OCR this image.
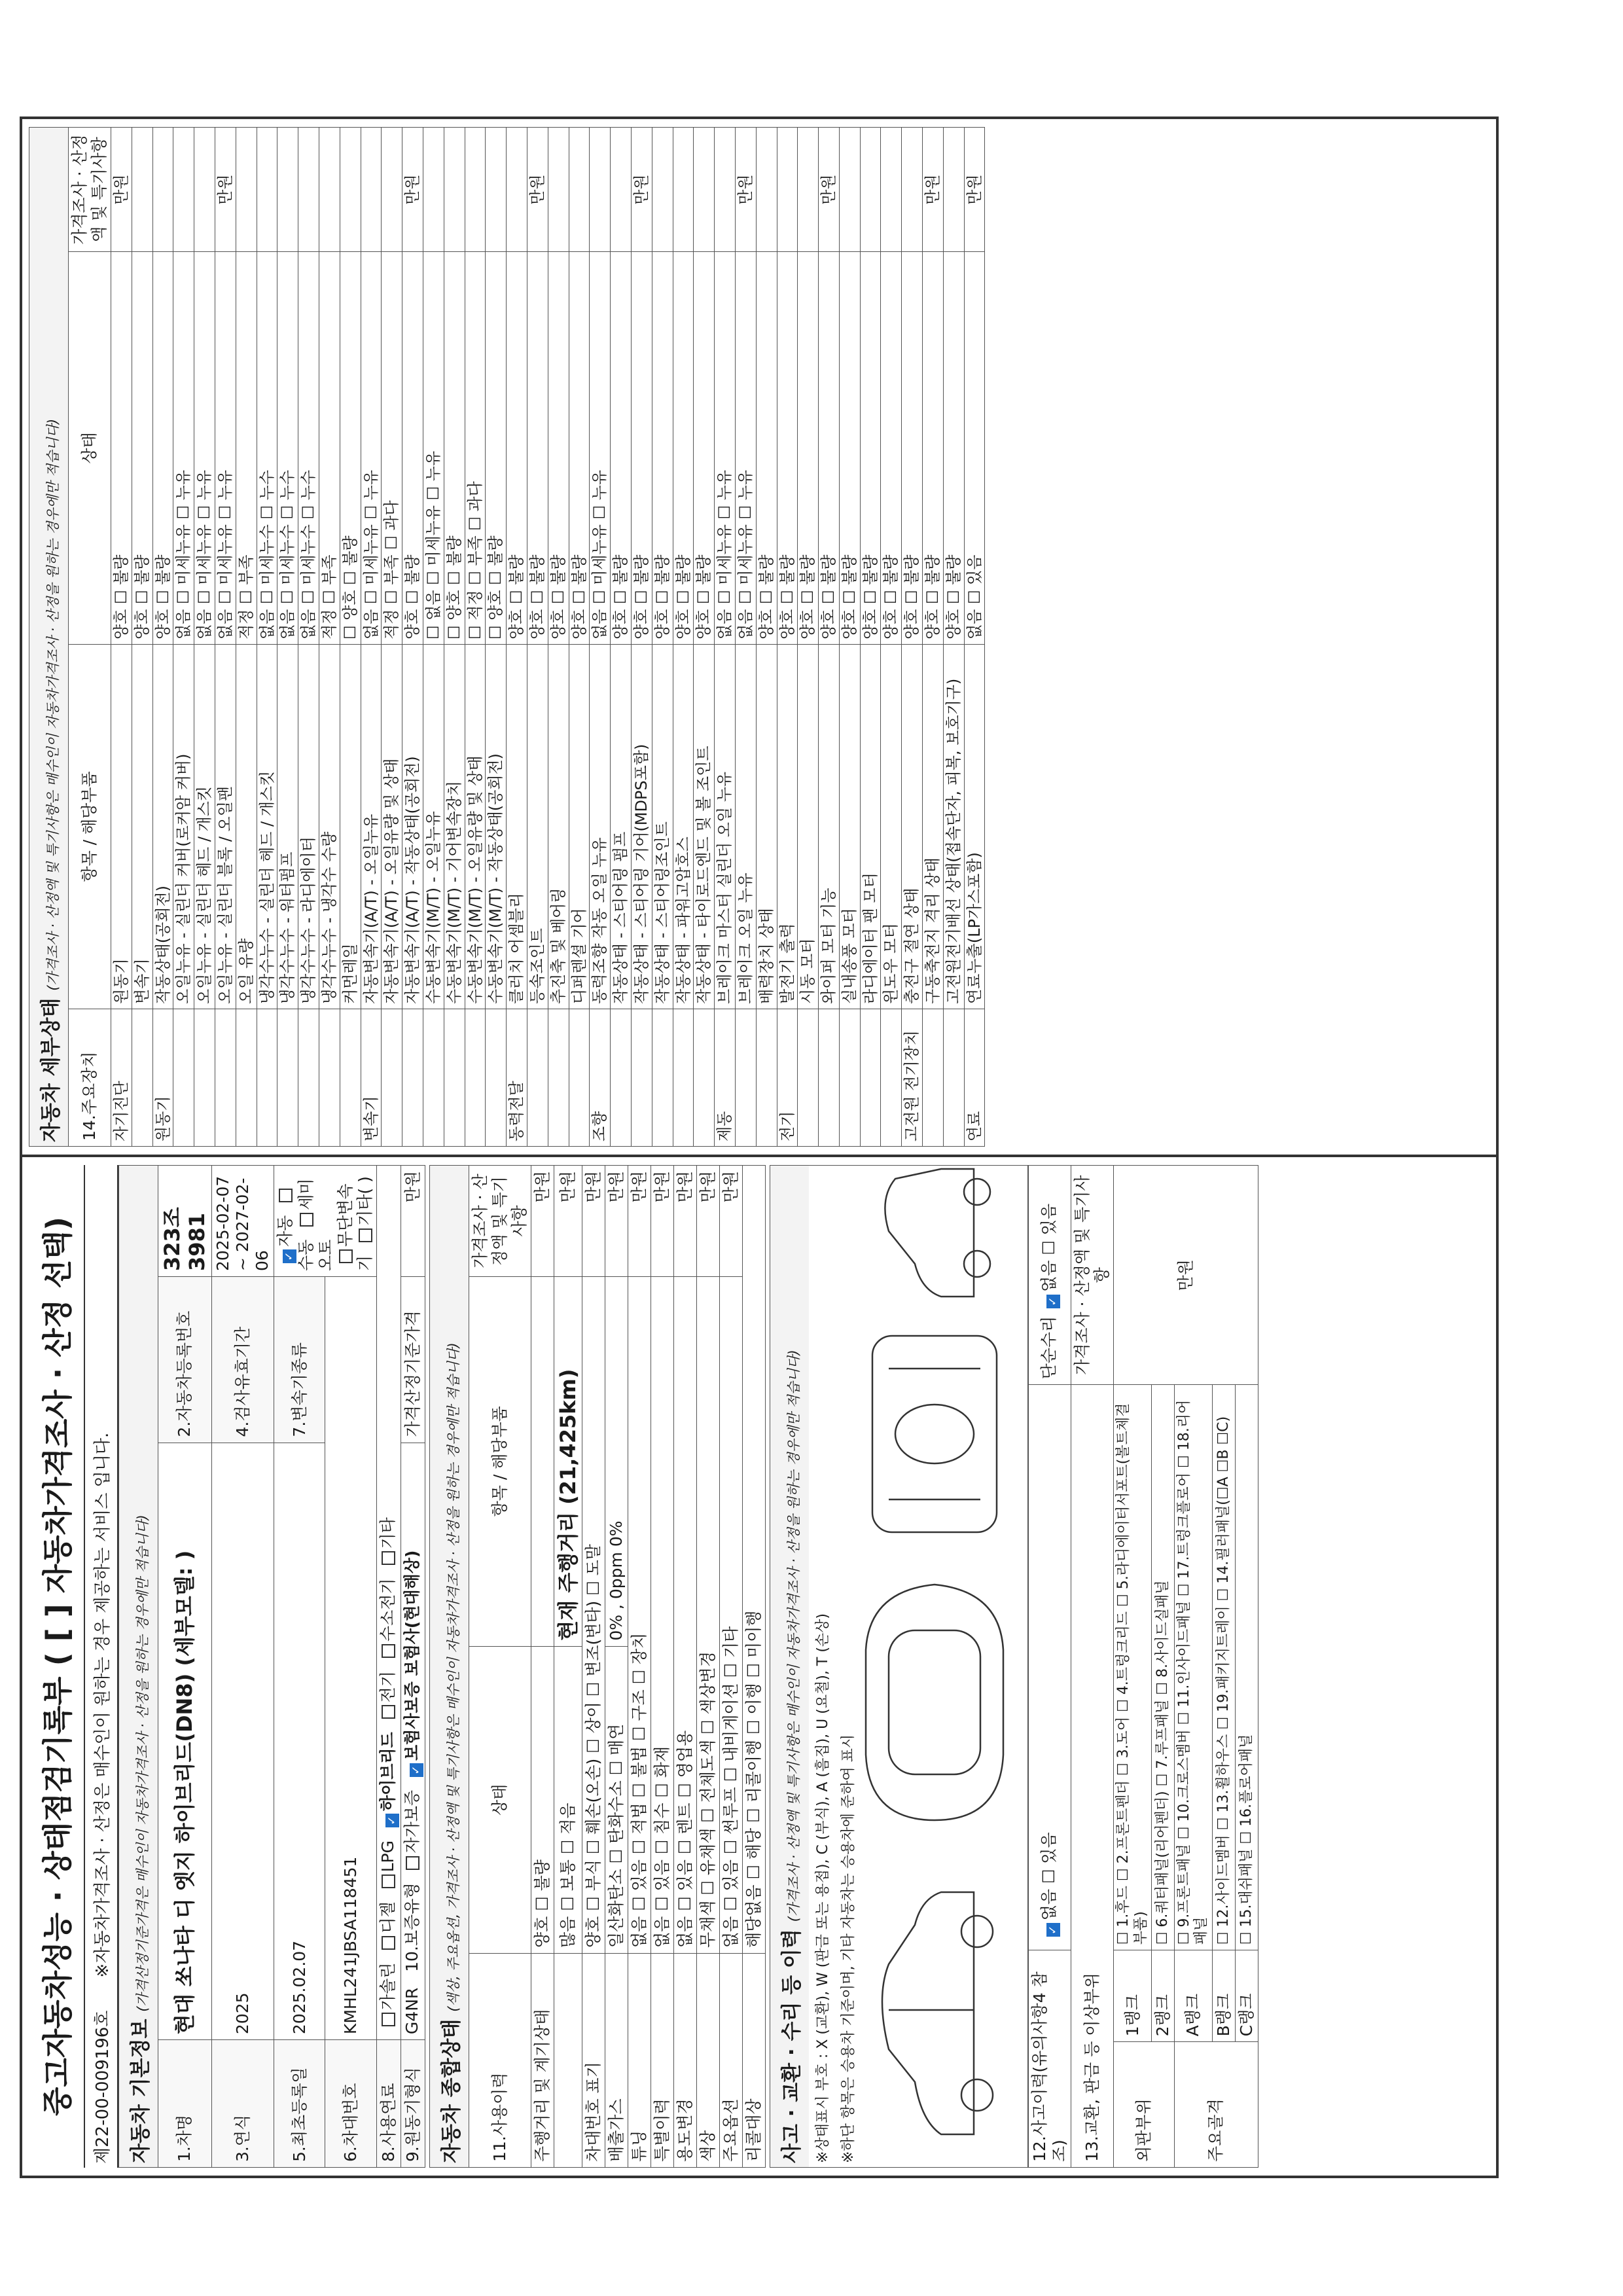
중고자동차성능 · 상태점검기록부 ( [ ] 자동차가격조사 · 산정 선택)	제22-00-009196호
※자동차가격조사 · 산정은 매수인이 원하는 경우 제공하는 서비스 입니다.
자동차 기본정보 (가격산정기준가격은 매수인이 자동차가격조사 · 산정을 원하는 경우에만 적습니다)
1.차명	현대 쏘나타 디 엣지 하이브리드(DN8) (세부모델: )	2.자동차등록번호	323조3981
3.연식	2025	4.검사유효기간	2025-02-07 ~ 2027-02-06
5.최초등록일	2025.02.07	7.변속기종류	✓자동 수동 세미오토
무단변속기 기타( )
6.차대번호	KMHL241JBSA118451		
8.사용연료	가솔린 디젤 LPG ✓하이브리드 전기 수소전기 기타		
9.원동기형식	G4NR   10.보증유형 자가보증 ✓보험사보증 보험사(현대해상)	가격산정기준가격	만원
자동차 종합상태 (색상, 주요옵션, 가격조사 · 산정액 및 특기사항은 매수인이 자동차가격조사 · 산정을 원하는 경우에만 적습니다)
11.사용이력	상태	항목 / 해당부품	가격조사 · 산정액 및 특기사항
주행거리 및 계기상태	양호 ☐ 불량		만원
	많음 ☐ 보통 ☐ 적음	현재 주행거리 (21,425km)	만원
차대번호 표기	양호 ☐ 부식 ☐ 훼손(오손) ☐ 상이 ☐ 변조(변타) ☐ 도말		만원
배출가스	일산화탄소 ☐ 탄화수소 ☐ 매연	0% , 0ppm 0%	만원
튜닝	없음 ☐ 있음 ☐ 적법 ☐ 불법 ☐ 구조 ☐ 장치		만원
특별이력	없음 ☐ 있음 ☐ 침수 ☐ 화재		만원
용도변경	없음 ☐ 있음 ☐ 렌트 ☐ 영업용		만원
색상	무채색 ☐ 유채색 ☐ 전체도색 ☐ 색상변경		만원
주요옵션	없음 ☐ 있음 ☐ 썬루프 ☐ 내비게이션 ☐ 기타		만원
리콜대상	해당없음 ☐ 해당 ☐ 리콜이행 ☐ 이행 ☐ 미이행		
사고 · 교환 · 수리 등 이력 (가격조사 · 산정액 및 특기사항은 매수인이 자동차가격조사 · 산정을 원하는 경우에만 적습니다) ※상태표시 부호 : X (교환), W (판금 또는 용접), C (부식), A (흠집), U (요철), T (손상) ※하단 항목은 승용차 기준이며, 기타 자동차는 승용차에 준하여 표시	12.사고이력(유의사항4 참조)		✓없음 ☐ 있음	단순수리✓없음 ☐ 있음
13.교환, 판금 등 이상부위			가격조사 · 산정액 및 특기사항
외판부위	1랭크	☐ 1.후드 ☐ 2.프론트펜더 ☐ 3.도어 ☐ 4.트렁크리드 ☐ 5.라디에이터서포트(볼트체결부품)	만원
	2랭크	☐ 6.쿼터패널(리어펜더) ☐ 7.루프패널 ☐ 8.사이드실패널	
주요골격	A랭크	☐ 9.프론트패널 ☐ 10.크로스멤버 ☐ 11.인사이드패널 ☐ 17.트렁크플로어 ☐ 18.리어패널	
	B랭크	☐ 12.사이드멤버 ☐ 13.휠하우스 ☐ 19.패키지트레이 ☐ 14.필러패널(☐A ☐B ☐C)	
	C랭크	☐ 15.대쉬패널 ☐ 16.플로어패널	
자동차 세부상태 (가격조사 · 산정액 및 특기사항은 매수인이 자동차가격조사 · 산정을 원하는 경우에만 적습니다)
14.주요장치	항목 / 해당부품	상태	가격조사 · 산정액 및 특기사항
자기진단	원동기	양호 ☐ 불량	만원
	변속기	양호 ☐ 불량	
원동기	작동상태(공회전)	양호 ☐ 불량	
	오일누유 - 실린더 커버(로커암 커버)	없음 ☐ 미세누유 ☐ 누유	
	오일누유 - 실린더 헤드 / 개스킷	없음 ☐ 미세누유 ☐ 누유	
	오일누유 - 실린더 블록 / 오일팬	없음 ☐ 미세누유 ☐ 누유	만원
	오일 유량	적정 ☐ 부족	
	냉각수누수 - 실린더 헤드 / 개스킷	없음 ☐ 미세누수 ☐ 누수	
	냉각수누수 - 워터펌프	없음 ☐ 미세누수 ☐ 누수	
	냉각수누수 - 라디에이터	없음 ☐ 미세누수 ☐ 누수	
	냉각수누수 - 냉각수 수량	적정 ☐ 부족	
	커먼레일	☐ 양호 ☐ 불량	
변속기	자동변속기(A/T) - 오일누유	없음 ☐ 미세누유 ☐ 누유	
	자동변속기(A/T) - 오일유량 및 상태	적정 ☐ 부족 ☐ 과다	
	자동변속기(A/T) - 작동상태(공회전)	양호 ☐ 불량	만원
	수동변속기(M/T) - 오일누유	☐ 없음 ☐ 미세누유 ☐ 누유	
	수동변속기(M/T) - 기어변속장치	☐ 양호 ☐ 불량	
	수동변속기(M/T) - 오일유량 및 상태	☐ 적정 ☐ 부족 ☐ 과다	
	수동변속기(M/T) - 작동상태(공회전)	☐ 양호 ☐ 불량	
동력전달	클러치 어셈블리	양호 ☐ 불량	
	등속조인트	양호 ☐ 불량	만원
	추진축 및 베어링	양호 ☐ 불량	
	디퍼렌셜 기어	양호 ☐ 불량	
조향	동력조향 작동 오일 누유	없음 ☐ 미세누유 ☐ 누유	
	작동상태 - 스티어링 펌프	양호 ☐ 불량	
	작동상태 - 스티어링 기어(MDPS포함)	양호 ☐ 불량	만원
	작동상태 - 스티어링조인트	양호 ☐ 불량	
	작동상태 - 파워고압호스	양호 ☐ 불량	
	작동상태 - 타이로드엔드 및 볼 조인트	양호 ☐ 불량	
제동	브레이크 마스터 실린더 오일 누유	없음 ☐ 미세누유 ☐ 누유	
	브레이크 오일 누유	없음 ☐ 미세누유 ☐ 누유	만원
	배력장치 상태	양호 ☐ 불량	
전기	발전기 출력	양호 ☐ 불량	
	시동 모터	양호 ☐ 불량	
	와이퍼 모터 기능	양호 ☐ 불량	만원
	실내송풍 모터	양호 ☐ 불량	
	라디에이터 팬 모터	양호 ☐ 불량	
	윈도우 모터	양호 ☐ 불량	
고전원 전기장치	충전구 절연 상태	양호 ☐ 불량	
	구동축전지 격리 상태	양호 ☐ 불량	만원
	고전원전기배선 상태(접속단자, 피복, 보호기구)	양호 ☐ 불량	
연료	연료누출(LP가스포함)	없음 ☐ 있음	만원
